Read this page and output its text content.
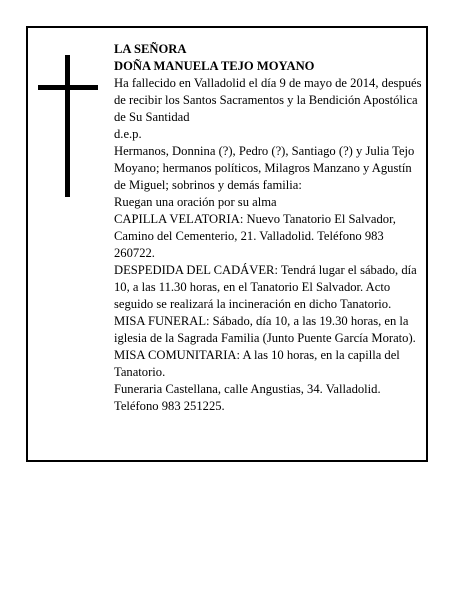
LA SEÑORA

DOÑA MANUELA TEJO MOYANO

Ha fallecido en Valladolid el día 9 de mayo de 2014, después de recibir los Santos Sacramentos y la Bendición Apostólica de Su Santidad

d.e.p.

Hermanos, Donnina (?), Pedro (?), Santiago (?) y Julia Tejo Moyano; hermanos políticos, Milagros Manzano y Agustín de Miguel; sobrinos y demás familia:

Ruegan una oración por su alma

CAPILLA VELATORIA: Nuevo Tanatorio El Salvador, Camino del Cementerio, 21. Valladolid. Teléfono 983 260722.

DESPEDIDA DEL CADÁVER: Tendrá lugar el sábado, día 10, a las 11.30 horas, en el Tanatorio El Salvador. Acto seguido se realizará la incineración en dicho Tanatorio.

MISA FUNERAL: Sábado, día 10, a las 19.30 horas, en la iglesia de la Sagrada Familia (Junto Puente García Morato).

MISA COMUNITARIA: A las 10 horas, en la capilla del Tanatorio.

Funeraria Castellana, calle Angustias, 34. Valladolid. Teléfono 983 251225.
